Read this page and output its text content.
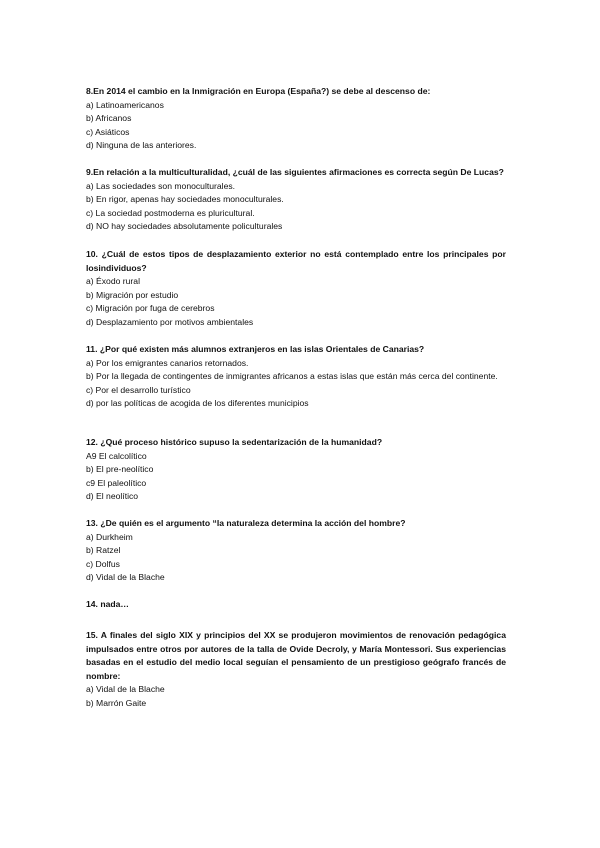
8.En 2014 el cambio en la Inmigración en Europa (España?) se debe al descenso de:
a) Latinoamericanos
b) Africanos
c) Asiáticos
d) Ninguna de las anteriores.
9.En relación a la multiculturalidad, ¿cuál de las siguientes afirmaciones es correcta según De Lucas?
a) Las sociedades son monoculturales.
b) En rigor, apenas hay sociedades monoculturales.
c) La sociedad postmoderna es pluricultural.
d) NO hay sociedades absolutamente policulturales
10. ¿Cuál de estos tipos de desplazamiento exterior no está contemplado entre los principales por losindividuos?
a) Éxodo rural
b) Migración por estudio
c) Migración por fuga de cerebros
d) Desplazamiento por motivos ambientales
11. ¿Por qué existen más alumnos extranjeros en las islas Orientales de Canarias?
a) Por los emigrantes canarios retornados.
b) Por la llegada de contingentes de inmigrantes africanos a estas islas que están más cerca del continente.
c) Por el desarrollo turístico
d) por las políticas de acogida de los diferentes municipios
12. ¿Qué proceso histórico supuso la sedentarización de la humanidad?
A9 El calcolítico
b) El pre-neolítico
c9 El paleolítico
d) El neolítico
13. ¿De quién es el argumento “la naturaleza determina la acción del hombre?
a) Durkheim
b) Ratzel
c) Dolfus
d) Vidal de la Blache
14. nada…
15. A finales del siglo XIX y principios del XX se produjeron movimientos de renovación pedagógica impulsados entre otros por autores de la talla de Ovide Decroly, y María Montessori. Sus experiencias basadas en el estudio del medio local seguían el pensamiento de un prestigioso geógrafo francés de nombre:
a) Vidal de la Blache
b) Marrón Gaite
